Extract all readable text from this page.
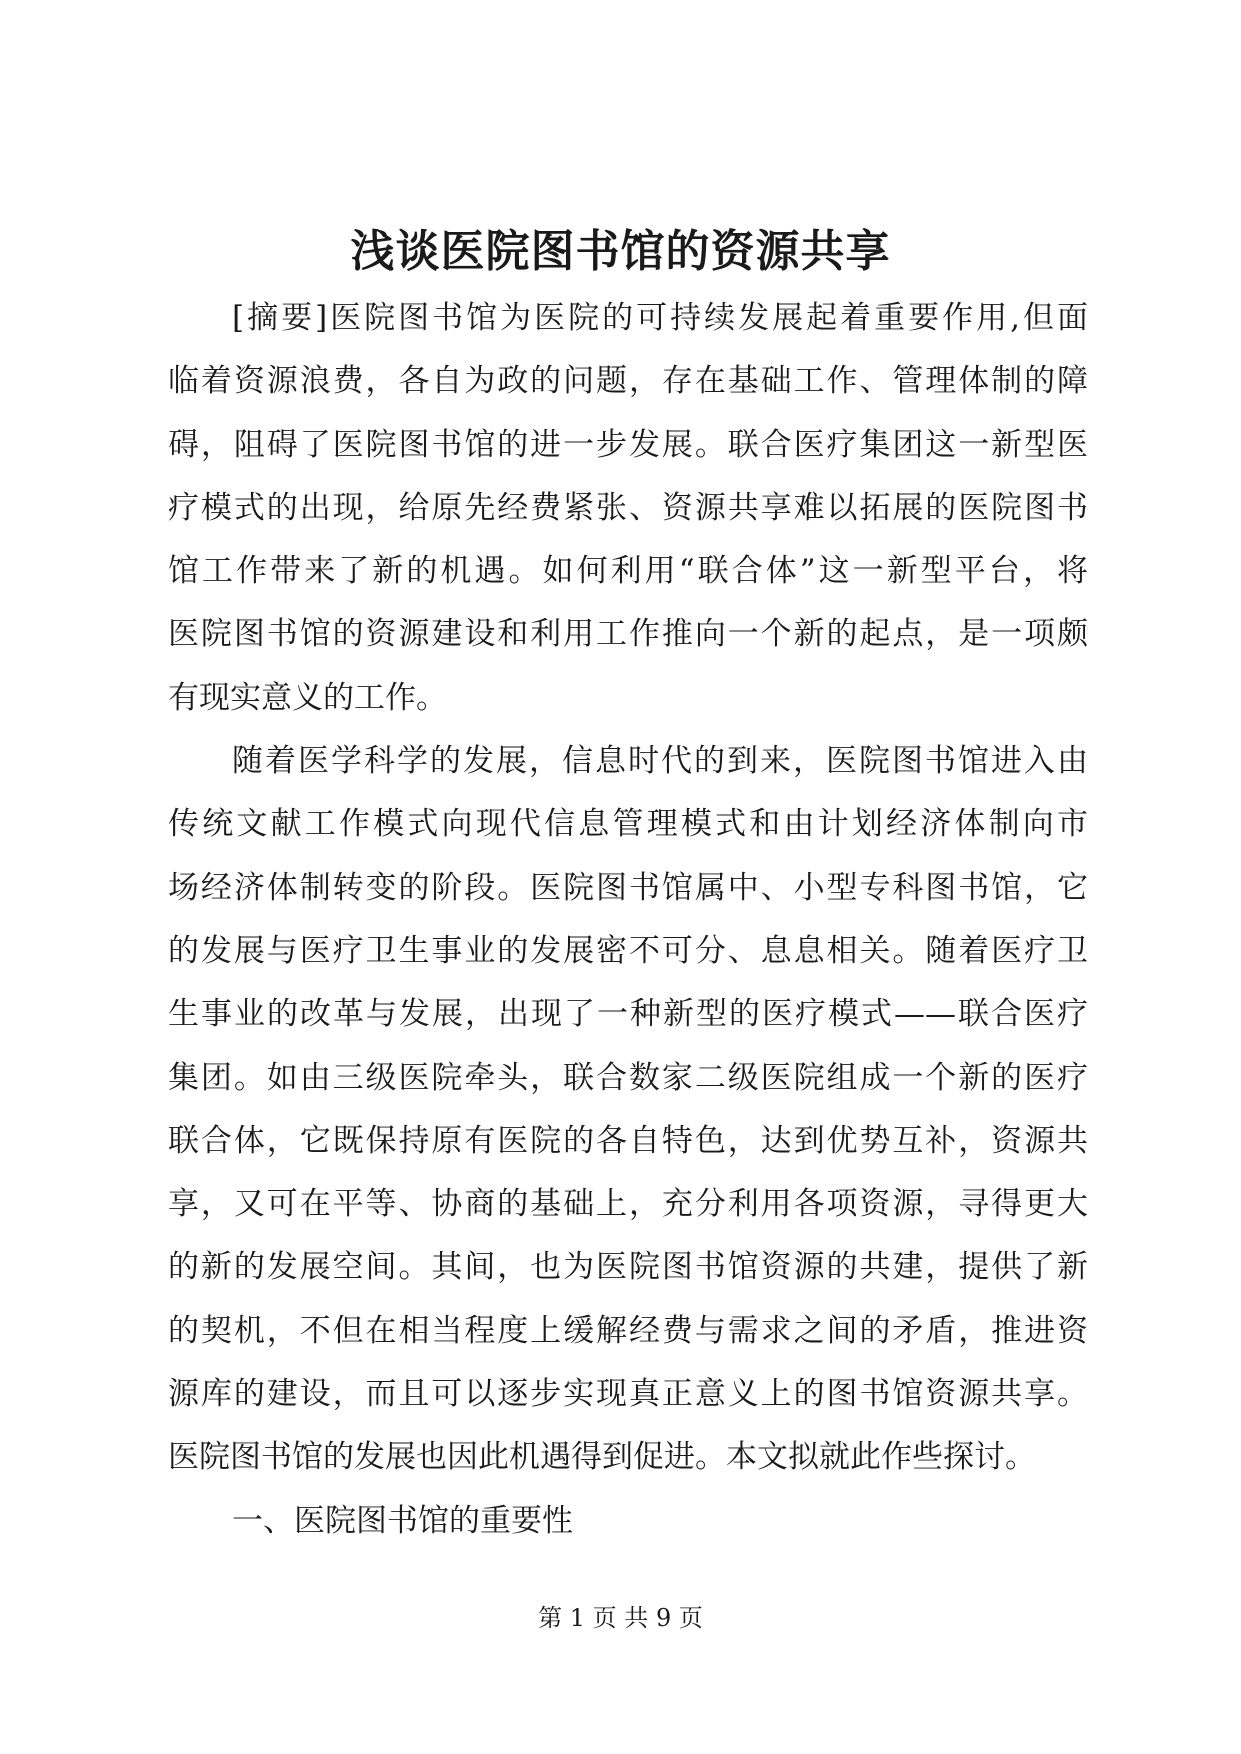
浅谈医院图书馆的资源共享
[摘要]医院图书馆为医院的可持续发展起着重要作用,但面
临着资源浪费，各自为政的问题，存在基础工作、管理体制的障
碍，阻碍了医院图书馆的进一步发展。联合医疗集团这一新型医
疗模式的出现，给原先经费紧张、资源共享难以拓展的医院图书
馆工作带来了新的机遇。如何利用“联合体”这一新型平台，将
医院图书馆的资源建设和利用工作推向一个新的起点，是一项颇
有现实意义的工作。
随着医学科学的发展，信息时代的到来，医院图书馆进入由
传统文献工作模式向现代信息管理模式和由计划经济体制向市
场经济体制转变的阶段。医院图书馆属中、小型专科图书馆，它
的发展与医疗卫生事业的发展密不可分、息息相关。随着医疗卫
生事业的改革与发展，出现了一种新型的医疗模式——联合医疗
集团。如由三级医院牵头，联合数家二级医院组成一个新的医疗
联合体，它既保持原有医院的各自特色，达到优势互补，资源共
享，又可在平等、协商的基础上，充分利用各项资源，寻得更大
的新的发展空间。其间，也为医院图书馆资源的共建，提供了新
的契机，不但在相当程度上缓解经费与需求之间的矛盾，推进资
源库的建设，而且可以逐步实现真正意义上的图书馆资源共享。
医院图书馆的发展也因此机遇得到促进。本文拟就此作些探讨。
一、医院图书馆的重要性
第 1 页 共 9 页
